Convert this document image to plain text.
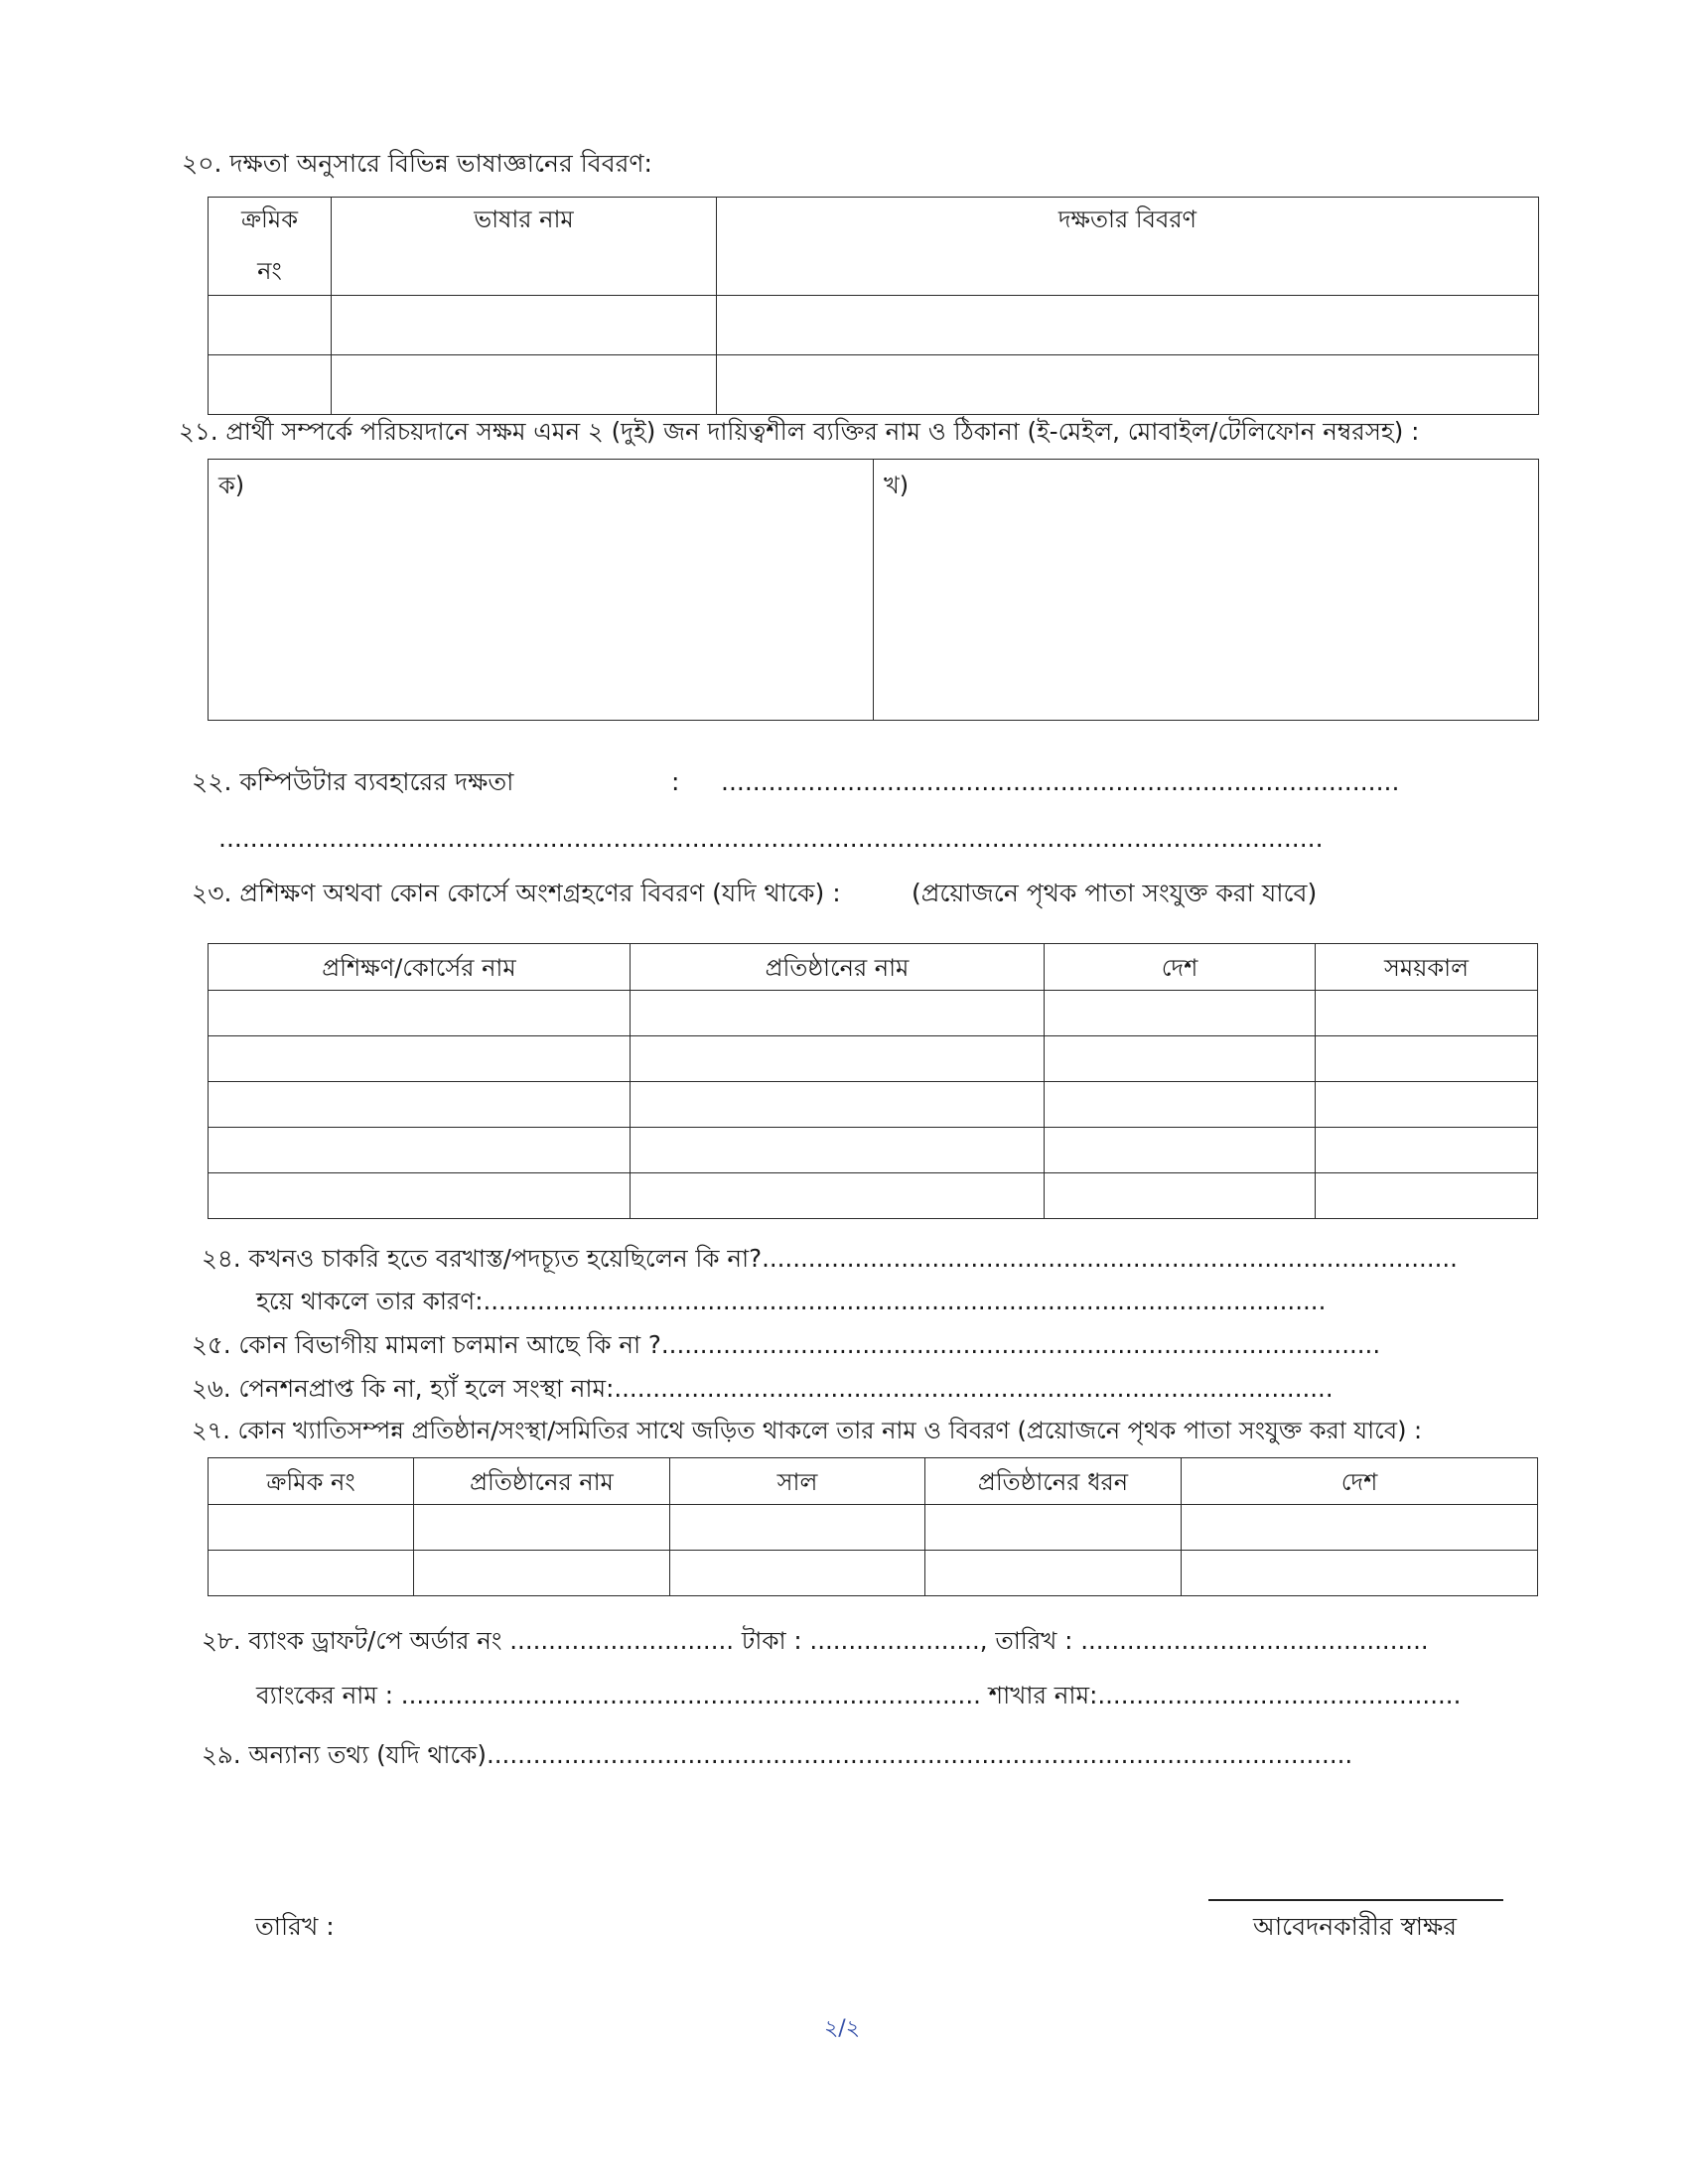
২০. দক্ষতা অনুসারে বিভিন্ন ভাষাজ্ঞানের বিবরণ:
ক্রমিক
নং	ভাষার নাম	দক্ষতার বিবরণ

২১. প্রার্থী সম্পর্কে পরিচয়দানে সক্ষম এমন ২ (দুই) জন দায়িত্বশীল ব্যক্তির নাম ও ঠিকানা (ই-মেইল, মোবাইল/টেলিফোন নম্বরসহ) :
ক)	খ)
২২. কম্পিউটার ব্যবহারের দক্ষতা	: ......................................................................................
............................................................................................................................................
২৩. প্রশিক্ষণ অথবা কোন কোর্সে অংশগ্রহণের বিবরণ (যদি থাকে) :	(প্রয়োজনে পৃথক পাতা সংযুক্ত করা যাবে)
প্রশিক্ষণ/কোর্সের নাম	প্রতিষ্ঠানের নাম	দেশ	সময়কাল

২৪. কখনও চাকরি হতে বরখাস্ত/পদচ্যূত হয়েছিলেন কি না?..........................................................................................
হয়ে থাকলে তার কারণ:.............................................................................................................
২৫. কোন বিভাগীয় মামলা চলমান আছে কি না ?.............................................................................................
২৬. পেনশনপ্রাপ্ত কি না, হ্যাঁ হলে সংস্থা নাম:.............................................................................................
২৭. কোন খ্যাতিসম্পন্ন প্রতিষ্ঠান/সংস্থা/সমিতির সাথে জড়িত থাকলে তার নাম ও বিবরণ (প্রয়োজনে পৃথক পাতা সংযুক্ত করা যাবে) :
ক্রমিক নং	প্রতিষ্ঠানের নাম	সাল	প্রতিষ্ঠানের ধরন	দেশ

২৮. ব্যাংক ড্রাফট/পে অর্ডার নং ............................. টাকা : ......................, তারিখ : .............................................
ব্যাংকের নাম : ........................................................................... শাখার নাম:...............................................
২৯. অন্যান্য তথ্য (যদি থাকে)................................................................................................................
তারিখ :	আবেদনকারীর স্বাক্ষর
২/২
